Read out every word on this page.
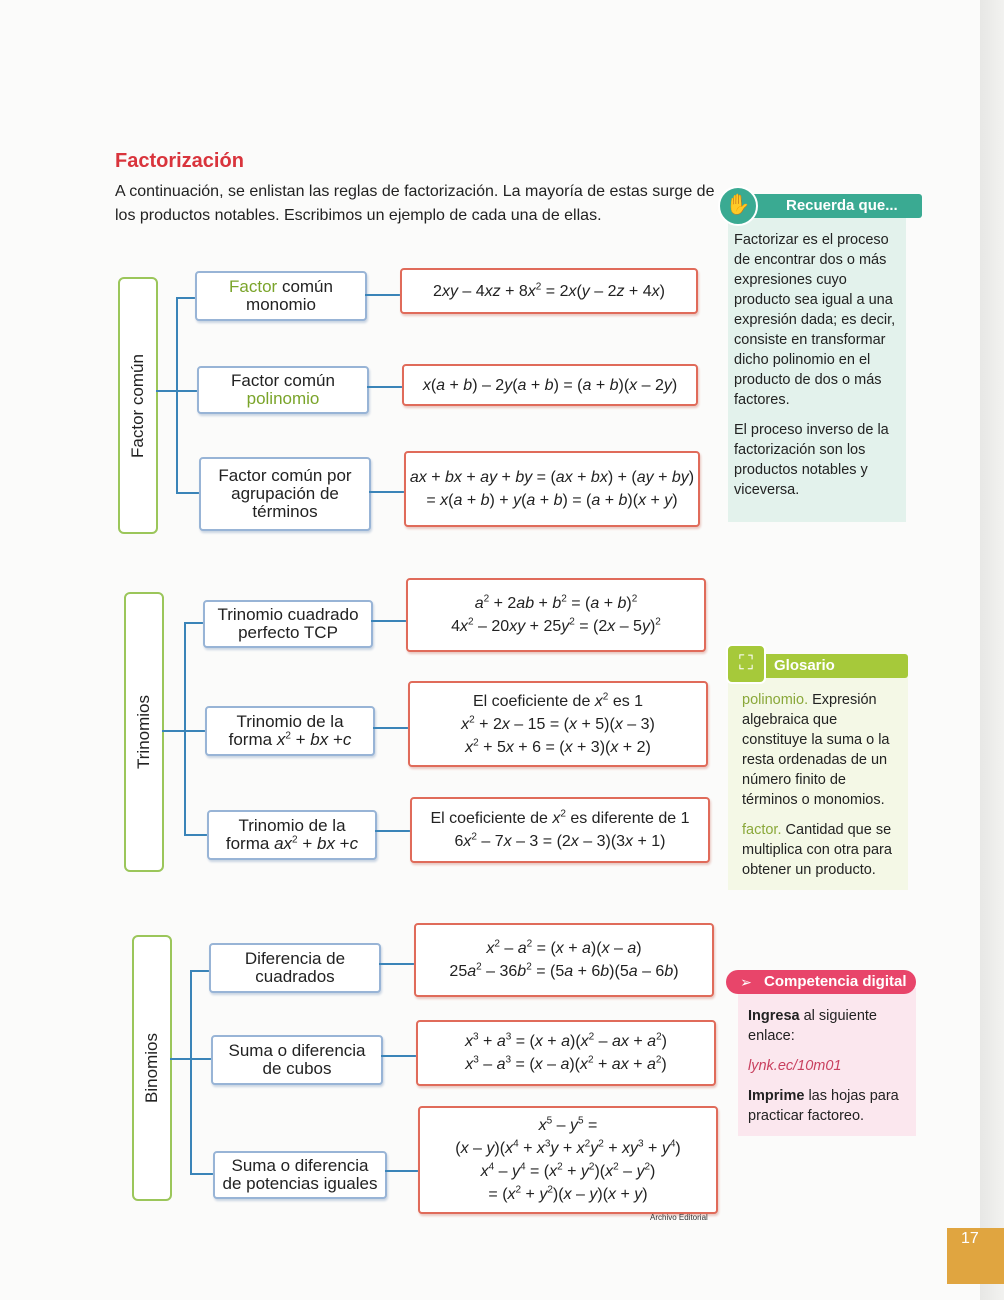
Factorización
A continuación, se enlistan las reglas de factorización. La mayoría de estas surge de los productos notables. Escribimos un ejemplo de cada una de ellas.
Factor común
Factor común
monomio
$2xy - 4xz + 8x^2 = 2x(y - 2z + 4x)$
Factor común
polinomio
x(a + b) – 2y(a + b) = (a + b)(x – 2y)
Factor común por
agrupación de
términos
ax + bx + ay + by = (ax + bx) + (ay + by)
= x(a + b) + y(a + b) = (a + b)(x + y)
Trinomios
Trinomio cuadrado
perfecto TCP
$a^2 + 2ab + b^2 = (a + b)^2$
$4x^2 - 20xy + 25y^2 = (2x - 5y)^2$
Trinomio de la
forma $x^2$ + bx +c
El coeficiente de $x^2$ es 1
$x^2 + 2x - 15 = (x + 5)(x - 3)$
$x^2 + 5x + 6 = (x + 3)(x + 2)$
Trinomio de la
forma $ax^2$ + bx +c
El coeficiente de $x^2$ es diferente de 1
$6x^2 - 7x - 3 = (2x - 3)(3x + 1)$
Binomios
Diferencia de
cuadrados
$x^2 - a^2 = (x + a)(x - a)$
$25a^2 - 36b^2 = (5a + 6b)(5a - 6b)$
Suma o diferencia
de cubos
$x^3 + a^3 = (x + a)(x^2$ – ax + $a^2$)
$x^3 - a^3 = (x - a)(x^2$ + ax + $a^2$)
Suma o diferencia
de potencias iguales
$x^5 - y^5$ =
$(x - y)(x^4 + x^3y + x^2y^2 + xy^3 + y^4)$
$x^4 - y^4 = (x^2 + y^2)(x^2 - y^2)$
= $(x^2 + y^2)(x - y)(x + y)$
Archivo Editorial
Recuerda que...
✋

Factorizar es el proceso de encontrar dos o más expresiones cuyo producto sea igual a una expresión dada; es decir, consiste en transformar dicho polinomio en el producto de dos o más factores.

El proceso inverso de la factorización son los productos notables y viceversa.

Glosario
⛶

polinomio. Expresión algebraica que constituye la suma o la resta ordenadas de un número finito de términos o monomios.

factor. Cantidad que se multiplica con otra para obtener un producto.

Competencia digital
➢

Ingresa al siguiente enlace:

lynk.ec/10m01

Imprime las hojas para practicar factoreo.

17
